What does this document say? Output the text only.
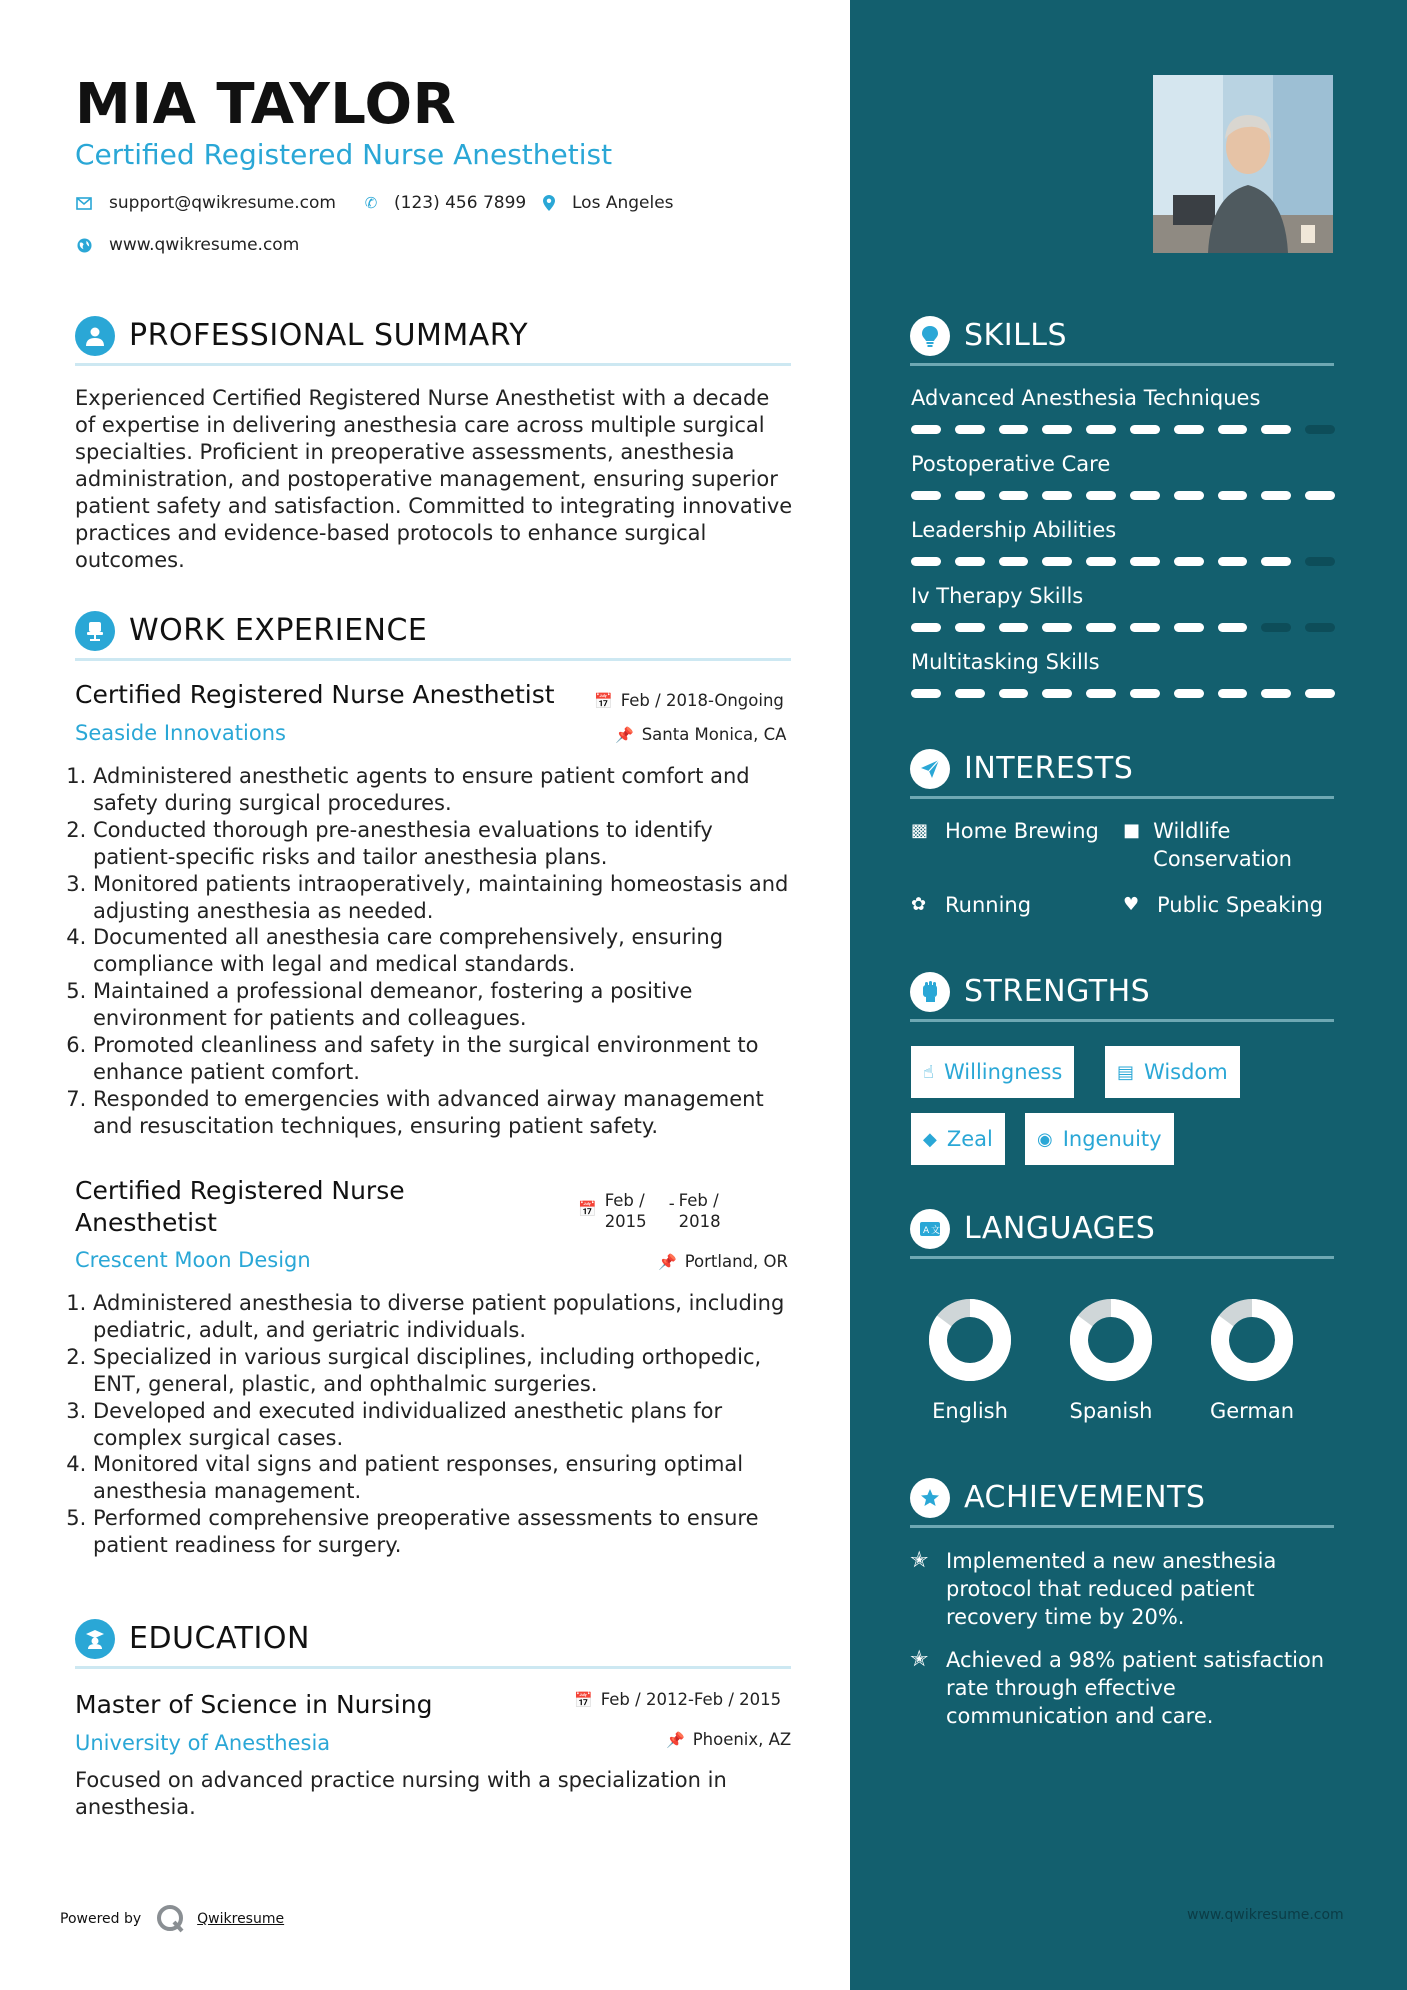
MIA TAYLOR
Certified Registered Nurse Anesthetist
support@qwikresume.com ✆ (123) 456 7899	Los Angeles
www.qwikresume.com
PROFESSIONAL SUMMARY
Experienced Certified Registered Nurse Anesthetist with a decade of expertise in delivering anesthesia care across multiple surgical specialties. Proficient in preoperative assessments, anesthesia administration, and postoperative management, ensuring superior patient safety and satisfaction. Committed to integrating innovative practices and evidence-based protocols to enhance surgical outcomes.
WORK EXPERIENCE
Certified Registered Nurse Anesthetist	📅 Feb / 2018-Ongoing
Seaside Innovations	📌 Santa Monica, CA
1. Administered anesthetic agents to ensure patient comfort and safety during surgical procedures.
2. Conducted thorough pre-anesthesia evaluations to identify patient-specific risks and tailor anesthesia plans.
3. Monitored patients intraoperatively, maintaining homeostasis and adjusting anesthesia as needed.
4. Documented all anesthesia care comprehensively, ensuring compliance with legal and medical standards.
5. Maintained a professional demeanor, fostering a positive environment for patients and colleagues.
6. Promoted cleanliness and safety in the surgical environment to enhance patient comfort.
7. Responded to emergencies with advanced airway management and resuscitation techniques, ensuring patient safety.
Certified Registered Nurse Anesthetist	📅 Feb / 2015
- Feb / 2018
Crescent Moon Design	📌 Portland, OR
1. Administered anesthesia to diverse patient populations, including pediatric, adult, and geriatric individuals.
2. Specialized in various surgical disciplines, including orthopedic, ENT, general, plastic, and ophthalmic surgeries.
3. Developed and executed individualized anesthetic plans for complex surgical cases.
4. Monitored vital signs and patient responses, ensuring optimal anesthesia management.
5. Performed comprehensive preoperative assessments to ensure patient readiness for surgery.
EDUCATION
Master of Science in Nursing	📅 Feb / 2012-Feb / 2015
University of Anesthesia	📌 Phoenix, AZ
Focused on advanced practice nursing with a specialization in anesthesia.
Powered by	Qwikresume
SKILLS
Advanced Anesthesia Techniques
Postoperative Care
Leadership Abilities
Iv Therapy Skills
Multitasking Skills
INTERESTS
▩ Home Brewing ■ Wildlife Conservation
✿ Running	♥ Public Speaking
STRENGTHS
☝ Willingness	▤ Wisdom
◆ Zeal ◉ Ingenuity
A 文 LANGUAGES
English	Spanish	German
ACHIEVEMENTS
✭ Implemented a new anesthesia protocol that reduced patient recovery time by 20%.
✭ Achieved a 98% patient satisfaction rate through effective communication and care.
www.qwikresume.com
